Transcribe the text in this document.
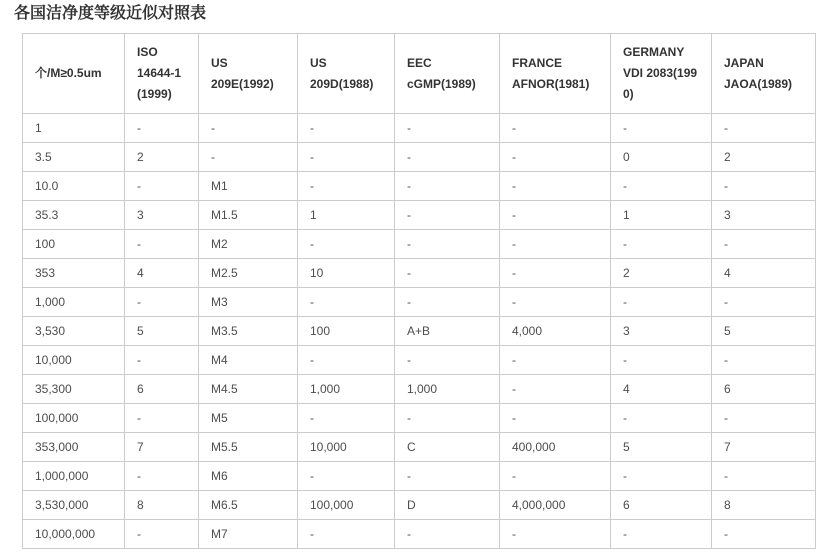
各国洁净度等级近似对照表
个/M≥0.5um	ISO
14644-1
(1999)	US
209E(1992)	US
209D(1988)	EEC
cGMP(1989)	FRANCE
AFNOR(1981)	GERMANY
VDI 2083(199
0)	JAPAN
JAOA(1989)

1	-	-	-	-	-	-	-
3.5	2	-	-	-	-	0	2
10.0	-	M1	-	-	-	-	-
35.3	3	M1.5	1	-	-	1	3
100	-	M2	-	-	-	-	-
353	4	M2.5	10	-	-	2	4
1,000	-	M3	-	-	-	-	-
3,530	5	M3.5	100	A+B	4,000	3	5
10,000	-	M4	-	-	-	-	-
35,300	6	M4.5	1,000	1,000	-	4	6
100,000	-	M5	-	-	-	-	-
353,000	7	M5.5	10,000	C	400,000	5	7
1,000,000	-	M6	-	-	-	-	-
3,530,000	8	M6.5	100,000	D	4,000,000	6	8
10,000,000	-	M7	-	-	-	-	-
